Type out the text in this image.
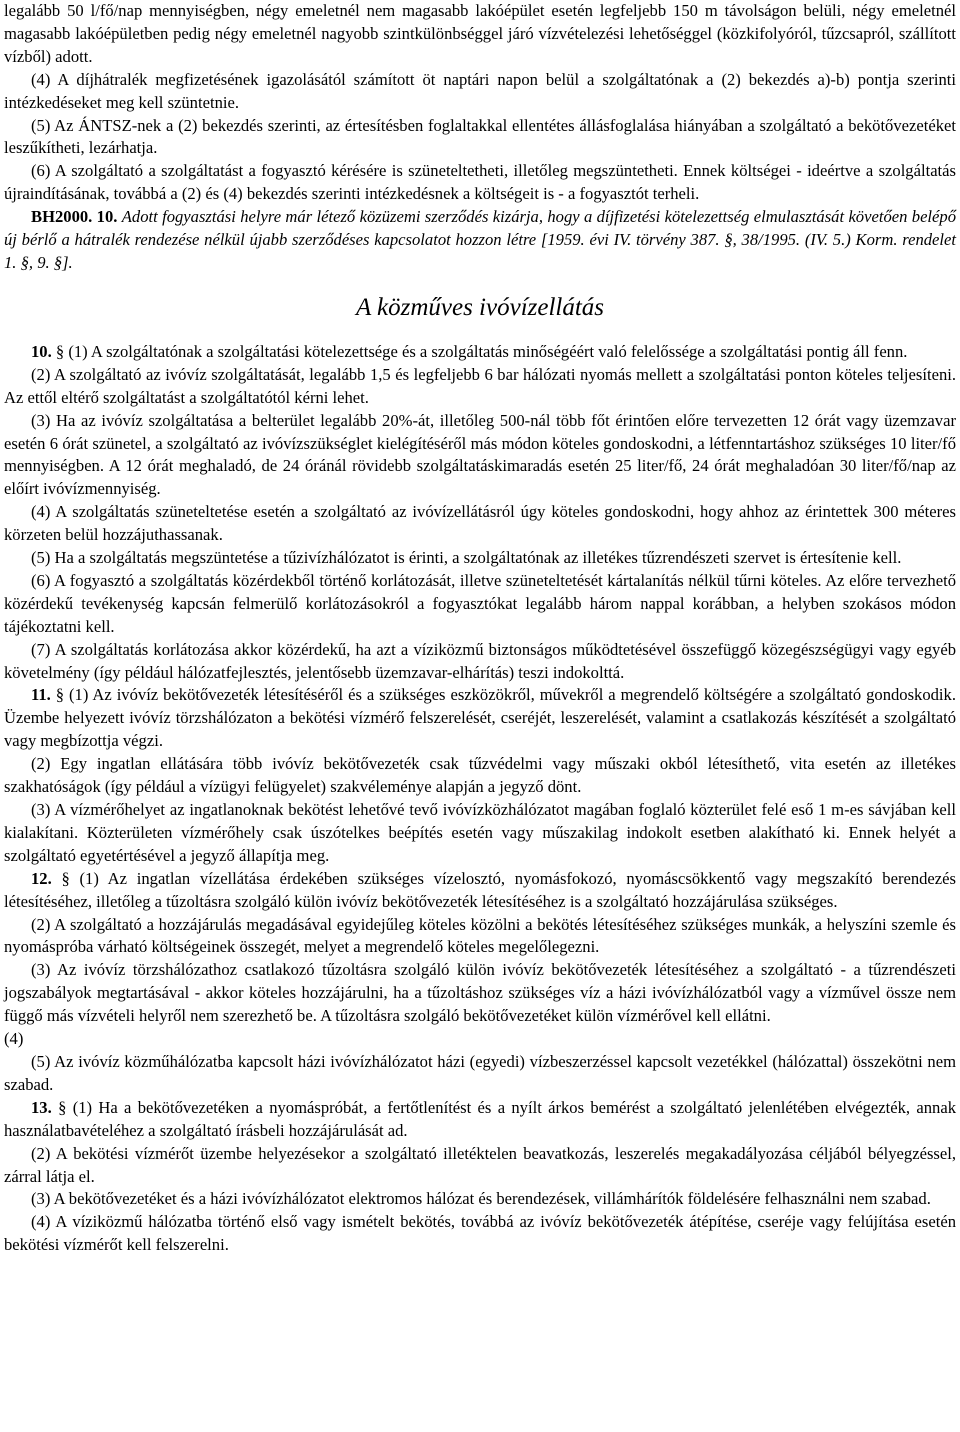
legalább 50 l/fő/nap mennyiségben, négy emeletnél nem magasabb lakóépület esetén legfeljebb 150 m távolságon belüli, négy emeletnél magasabb lakóépületben pedig négy emeletnél nagyobb szintkülönbséggel járó vízvételezési lehetőséggel (közkifolyóról, tűzcsapról, szállított vízből) adott.

(4) A díjhátralék megfizetésének igazolásától számított öt naptári napon belül a szolgáltatónak a (2) bekezdés a)-b) pontja szerinti intézkedéseket meg kell szüntetnie.

(5) Az ÁNTSZ-nek a (2) bekezdés szerinti, az értesítésben foglaltakkal ellentétes állásfoglalása hiányában a szolgáltató a bekötővezetéket leszűkítheti, lezárhatja.

(6) A szolgáltató a szolgáltatást a fogyasztó kérésére is szüneteltetheti, illetőleg megszüntetheti. Ennek költségei - ideértve a szolgáltatás újraindításának, továbbá a (2) és (4) bekezdés szerinti intézkedésnek a költségeit is - a fogyasztót terheli.

BH2000. 10. Adott fogyasztási helyre már létező közüzemi szerződés kizárja, hogy a díjfizetési kötelezettség elmulasztását követően belépő új bérlő a hátralék rendezése nélkül újabb szerződéses kapcsolatot hozzon létre [1959. évi IV. törvény 387. §, 38/1995. (IV. 5.) Korm. rendelet 1. §, 9. §].

A közműves ivóvízellátás

10. § (1) A szolgáltatónak a szolgáltatási kötelezettsége és a szolgáltatás minőségéért való felelőssége a szolgáltatási pontig áll fenn.

(2) A szolgáltató az ivóvíz szolgáltatását, legalább 1,5 és legfeljebb 6 bar hálózati nyomás mellett a szolgáltatási ponton köteles teljesíteni. Az ettől eltérő szolgáltatást a szolgáltatótól kérni lehet.

(3) Ha az ivóvíz szolgáltatása a belterület legalább 20%-át, illetőleg 500-nál több főt érintően előre tervezetten 12 órát vagy üzemzavar esetén 6 órát szünetel, a szolgáltató az ivóvízszükséglet kielégítéséről más módon köteles gondoskodni, a létfenntartáshoz szükséges 10 liter/fő mennyiségben. A 12 órát meghaladó, de 24 óránál rövidebb szolgáltatáskimaradás esetén 25 liter/fő, 24 órát meghaladóan 30 liter/fő/nap az előírt ivóvízmennyiség.

(4) A szolgáltatás szüneteltetése esetén a szolgáltató az ivóvízellátásról úgy köteles gondoskodni, hogy ahhoz az érintettek 300 méteres körzeten belül hozzájuthassanak.

(5) Ha a szolgáltatás megszüntetése a tűzivízhálózatot is érinti, a szolgáltatónak az illetékes tűzrendészeti szervet is értesítenie kell.

(6) A fogyasztó a szolgáltatás közérdekből történő korlátozását, illetve szüneteltetését kártalanítás nélkül tűrni köteles. Az előre tervezhető közérdekű tevékenység kapcsán felmerülő korlátozásokról a fogyasztókat legalább három nappal korábban, a helyben szokásos módon tájékoztatni kell.

(7) A szolgáltatás korlátozása akkor közérdekű, ha azt a víziközmű biztonságos működtetésével összefüggő közegészségügyi vagy egyéb követelmény (így például hálózatfejlesztés, jelentősebb üzemzavar-elhárítás) teszi indokolttá.

11. § (1) Az ivóvíz bekötővezeték létesítéséről és a szükséges eszközökről, művekről a megrendelő költségére a szolgáltató gondoskodik. Üzembe helyezett ivóvíz törzshálózaton a bekötési vízmérő felszerelését, cseréjét, leszerelését, valamint a csatlakozás készítését a szolgáltató vagy megbízottja végzi.

(2) Egy ingatlan ellátására több ivóvíz bekötővezeték csak tűzvédelmi vagy műszaki okból létesíthető, vita esetén az illetékes szakhatóságok (így például a vízügyi felügyelet) szakvéleménye alapján a jegyző dönt.

(3) A vízmérőhelyet az ingatlanoknak bekötést lehetővé tevő ivóvízközhálózatot magában foglaló közterület felé eső 1 m-es sávjában kell kialakítani. Közterületen vízmérőhely csak úszótelkes beépítés esetén vagy műszakilag indokolt esetben alakítható ki. Ennek helyét a szolgáltató egyetértésével a jegyző állapítja meg.

12. § (1) Az ingatlan vízellátása érdekében szükséges vízelosztó, nyomásfokozó, nyomáscsökkentő vagy megszakító berendezés létesítéséhez, illetőleg a tűzoltásra szolgáló külön ivóvíz bekötővezeték létesítéséhez is a szolgáltató hozzájárulása szükséges.

(2) A szolgáltató a hozzájárulás megadásával egyidejűleg köteles közölni a bekötés létesítéséhez szükséges munkák, a helyszíni szemle és nyomáspróba várható költségeinek összegét, melyet a megrendelő köteles megelőlegezni.

(3) Az ivóvíz törzshálózathoz csatlakozó tűzoltásra szolgáló külön ivóvíz bekötővezeték létesítéséhez a szolgáltató - a tűzrendészeti jogszabályok megtartásával - akkor köteles hozzájárulni, ha a tűzoltáshoz szükséges víz a házi ivóvízhálózatból vagy a vízművel össze nem függő más vízvételi helyről nem szerezhető be. A tűzoltásra szolgáló bekötővezetéket külön vízmérővel kell ellátni.

(4)

(5) Az ivóvíz közműhálózatba kapcsolt házi ivóvízhálózatot házi (egyedi) vízbeszerzéssel kapcsolt vezetékkel (hálózattal) összekötni nem szabad.

13. § (1) Ha a bekötővezetéken a nyomáspróbát, a fertőtlenítést és a nyílt árkos bemérést a szolgáltató jelenlétében elvégezték, annak használatbavételéhez a szolgáltató írásbeli hozzájárulását ad.

(2) A bekötési vízmérőt üzembe helyezésekor a szolgáltató illetéktelen beavatkozás, leszerelés megakadályozása céljából bélyegzéssel, zárral látja el.

(3) A bekötővezetéket és a házi ivóvízhálózatot elektromos hálózat és berendezések, villámhárítók földelésére felhasználni nem szabad.

(4) A víziközmű hálózatba történő első vagy ismételt bekötés, továbbá az ivóvíz bekötővezeték átépítése, cseréje vagy felújítása esetén bekötési vízmérőt kell felszerelni.
